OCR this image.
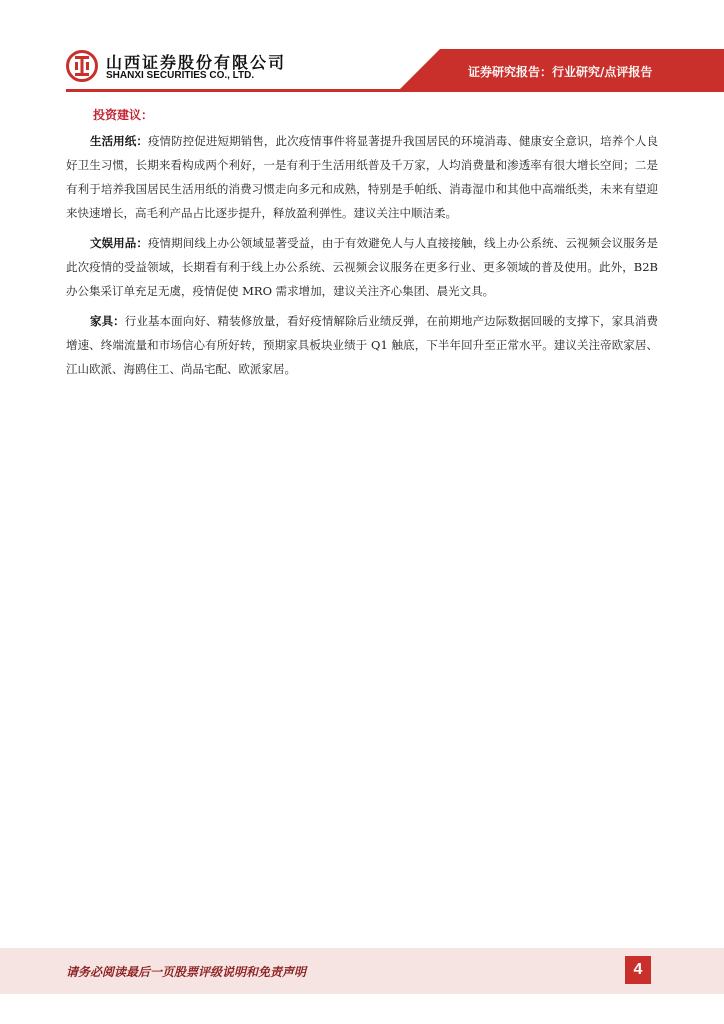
山西证券股份有限公司
SHANXI SECURITIES CO., LTD.	证券研究报告：行业研究/点评报告
投资建议：

生活用纸：疫情防控促进短期销售，此次疫情事件将显著提升我国居民的环境消毒、健康安全意识，培养个人良好卫生习惯，长期来看构成两个利好，一是有利于生活用纸普及千万家，人均消费量和渗透率有很大增长空间；二是有利于培养我国居民生活用纸的消费习惯走向多元和成熟，特别是手帕纸、消毒湿巾和其他中高端纸类，未来有望迎来快速增长，高毛利产品占比逐步提升，释放盈利弹性。建议关注中顺洁柔。

文娱用品：疫情期间线上办公领域显著受益，由于有效避免人与人直接接触，线上办公系统、云视频会议服务是此次疫情的受益领域，长期看有利于线上办公系统、云视频会议服务在更多行业、更多领域的普及使用。此外，B2B 办公集采订单充足无虞，疫情促使 MRO 需求增加，建议关注齐心集团、晨光文具。

家具：行业基本面向好、精装修放量，看好疫情解除后业绩反弹，在前期地产边际数据回暖的支撑下，家具消费增速、终端流量和市场信心有所好转，预期家具板块业绩于 Q1 触底，下半年回升至正常水平。建议关注帝欧家居、江山欧派、海鸥住工、尚品宅配、欧派家居。

请务必阅读最后一页股票评级说明和免责声明	4
